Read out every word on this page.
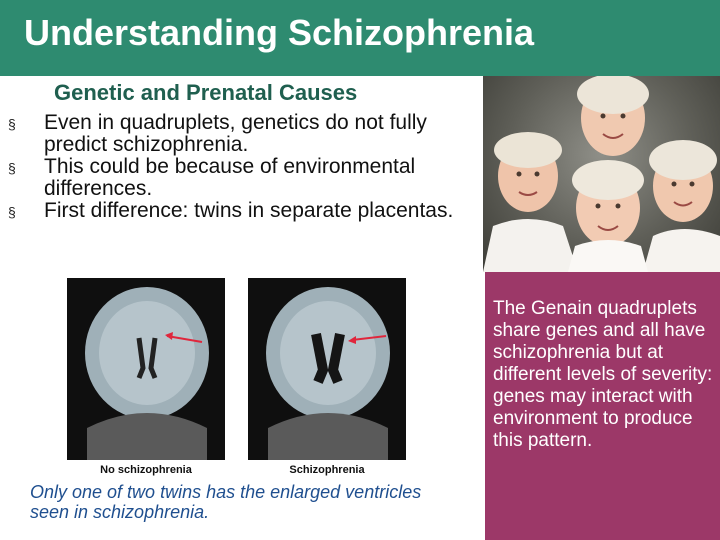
Understanding Schizophrenia
Genetic and Prenatal Causes
§ Even in quadruplets, genetics do not fully predict schizophrenia.
§ This could be because of environmental differences.
§ First difference: twins in separate placentas.
No schizophrenia	Schizophrenia
Only one of two twins has the enlarged ventricles seen in schizophrenia.
The Genain quadruplets share genes and all have schizophrenia but at different levels of severity: genes may interact with environment to produce this pattern.
